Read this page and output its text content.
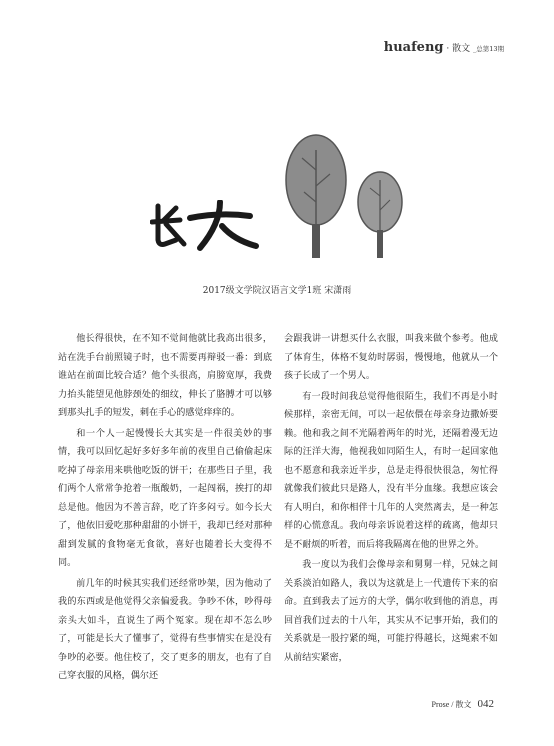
huafeng · 散文 _总第13期
2017级文学院汉语言文学1班 宋潇雨

他长得很快，在不知不觉间他就比我高出很多，站在洗手台前照镜子时，也不需要再辩驳一番：到底谁站在前面比较合适？他个头很高，肩膀宽厚，我费力抬头能望见他脖颈处的细纹，伸长了胳膊才可以够到那头扎手的短发，刺在手心的感觉痒痒的。

和一个人一起慢慢长大其实是一件很美妙的事情，我可以回忆起好多好多年前的夜里自己偷偷起床吃掉了母亲用来哄他吃饭的饼干；在那些日子里，我们两个人常常争抢着一瓶酸奶，一起闯祸，挨打的却总是他。他因为不善言辞，吃了许多闷亏。如今长大了，他依旧爱吃那种甜甜的小饼干，我却已经对那种甜到发腻的食物毫无食欲，喜好也随着长大变得不同。

前几年的时候其实我们还经常吵架，因为他动了我的东西或是他觉得父亲偏爱我。争吵不休，吵得母亲头大如斗，直说生了两个冤家。现在却不怎么吵了，可能是长大了懂事了，觉得有些事情实在是没有争吵的必要。他住校了，交了更多的朋友，也有了自己穿衣服的风格，偶尔还

会跟我讲一讲想买什么衣服，叫我来做个参考。他成了体育生，体格不复幼时孱弱，慢慢地，他就从一个孩子长成了一个男人。

有一段时间我总觉得他很陌生，我们不再是小时候那样，亲密无间，可以一起依偎在母亲身边撒娇要赖。他和我之间不光隔着两年的时光，还隔着漫无边际的汪洋大海，他视我如同陌生人，有时一起回家他也不愿意和我亲近半步，总是走得很快很急，匆忙得就像我们彼此只是路人，没有半分血缘。我想应该会有人明白，和你相伴十几年的人突然离去，是一种怎样的心慌意乱。我向母亲诉说着这样的疏离，他却只是不耐烦的听着，而后将我隔离在他的世界之外。

我一度以为我们会像母亲和舅舅一样，兄妹之间关系淡泊如路人，我以为这就是上一代遗传下来的宿命。直到我去了远方的大学，偶尔收到他的消息，再回首我们过去的十八年，其实从不记事开始，我们的关系就是一股拧紧的绳，可能拧得越长，这绳索不如从前结实紧密，

Prose / 散文 042
